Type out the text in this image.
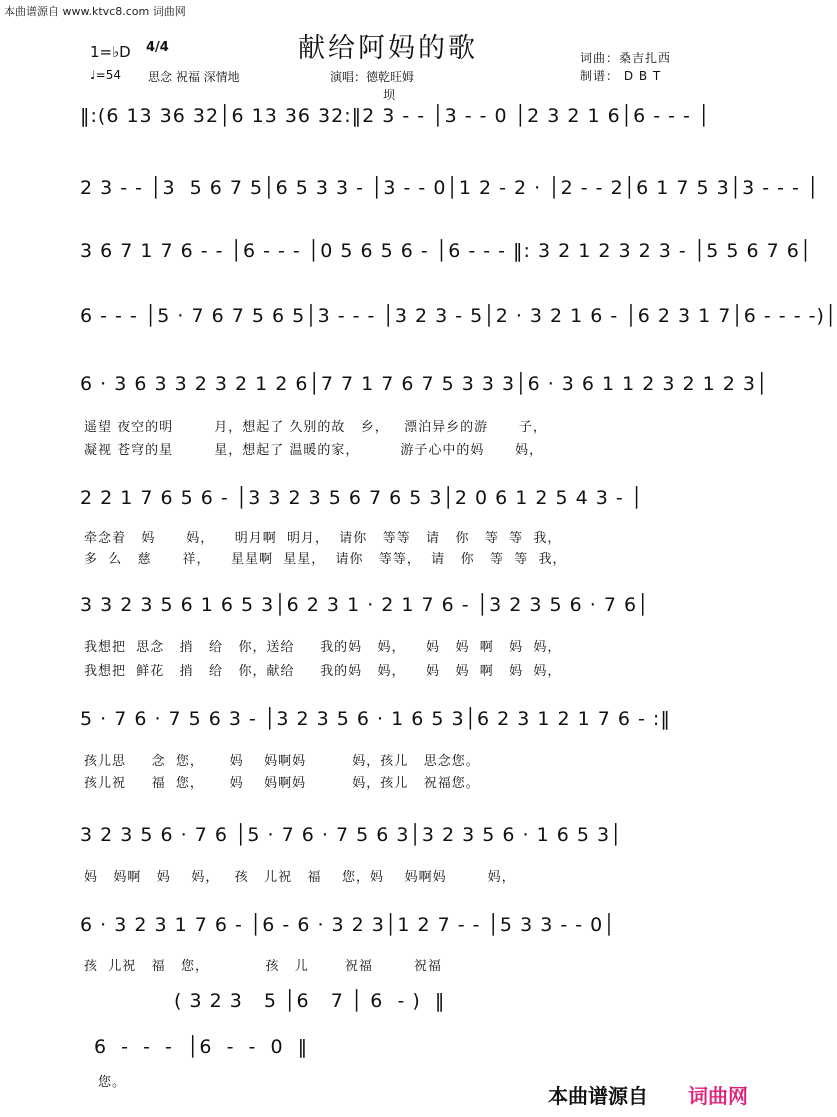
本曲谱源自 www.ktvc8.com 词曲网
献给阿妈的歌
1=♭D 4/4
♩=54 思念 祝福 深情地	演唱：德乾旺姆
词曲：桑吉扎西
制谱： D B T
坝
‖:(6 13 36 32│6 13 36 32:‖2 3 - - │3 - - 0 │2 3 2 1 6│6 - - - │
2 3 - - │3  5 6 7 5│6 5 3 3 - │3 - - 0│1 2 - 2 · │2 - - 2│6 1 7 5 3│3 - - - │
3 6 7 1 7 6 - - │6 - - - │0 5 6 5 6 - │6 - - - ‖: 3 2 1 2 3 2 3 - │5 5 6 7 6│
6 - - - │5 · 7 6 7 5 6 5│3 - - - │3 2 3 - 5│2 · 3 2 1 6 - │6 2 3 1 7│6 - - - -)│
6 · 3 6 3 3 2 3 2 1 2 6│7 7 1 7 6 7 5 3 3 3│6 · 3 6 1 1 2 3 2 1 2 3│
遥望 夜空的明        月，想起了 久别的故   乡，   漂泊异乡的游      子，
凝视 苍穹的星        星，想起了 温暖的家，        游子心中的妈      妈，
2 2 1 7 6 5 6 - │3 3 2 3 5 6 7 6 5 3│2 0 6 1 2 5 4 3 - │
牵念着   妈      妈，    明月啊  明月，  请你   等等   请   你   等  等  我，
多  么   慈      祥，    星星啊  星星，  请你   等等，  请   你   等  等  我，
3 3 2 3 5 6 1 6 5 3│6 2 3 1 · 2 1 7 6 - │3 2 3 5 6 · 7 6│
我想把  思念   捎   给   你，送给     我的妈   妈，    妈   妈  啊   妈  妈，
我想把  鲜花   捎   给   你，献给     我的妈   妈，    妈   妈  啊   妈  妈，
5 · 7 6 · 7 5 6 3 - │3 2 3 5 6 · 1 6 5 3│6 2 3 1 2 1 7 6 - :‖
孩儿思     念  您，     妈    妈啊妈         妈，孩儿   思念您。
孩儿祝     福  您，     妈    妈啊妈         妈，孩儿   祝福您。
3 2 3 5 6 · 7 6 │5 · 7 6 · 7 5 6 3│3 2 3 5 6 · 1 6 5 3│
妈   妈啊   妈    妈，   孩   儿祝   福    您，妈    妈啊妈        妈，
6 · 3 2 3 1 7 6 - │6 - 6 · 3 2 3│1 2 7 - - │5 3 3 - - 0│
孩  儿祝   福   您，           孩   儿       祝福        祝福
( 3 2 3   5 │6   7 │ 6  - )  ‖
6  -  -  -  │6  -  -  0  ‖
您。
本曲谱源自 词曲网
